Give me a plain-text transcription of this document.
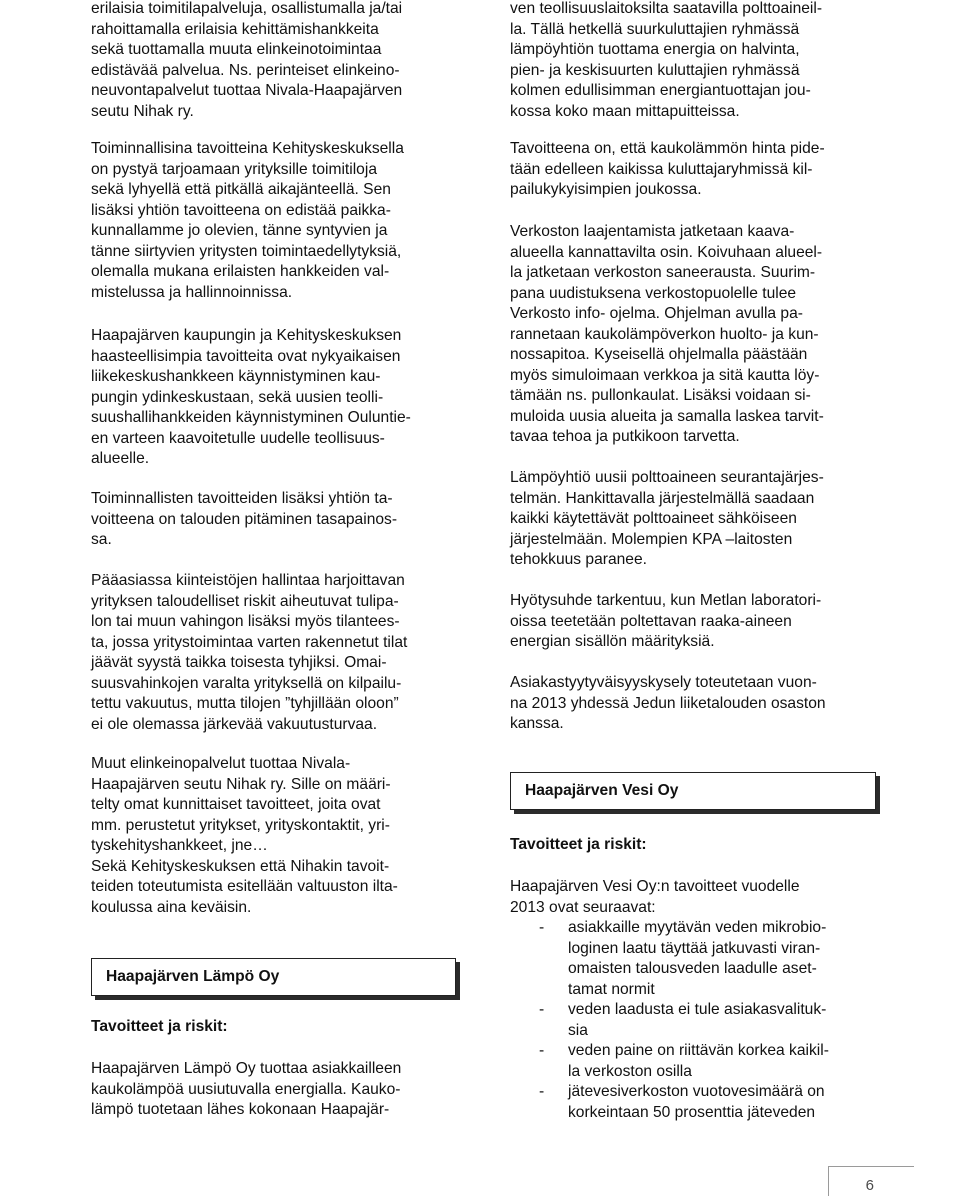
erilaisia toimitilapalveluja, osallistumalla ja/tai
rahoittamalla erilaisia kehittämishankkeita
sekä tuottamalla muuta elinkeinotoimintaa
edistävää palvelua. Ns. perinteiset elinkeino-
neuvontapalvelut tuottaa Nivala-Haapajärven
seutu Nihak ry.

Toiminnallisina tavoitteina Kehityskeskuksella
on pystyä tarjoamaan yrityksille toimitiloja
sekä lyhyellä että pitkällä aikajänteellä. Sen
lisäksi yhtiön tavoitteena on edistää paikka-
kunnallamme jo olevien, tänne syntyvien ja
tänne siirtyvien yritysten toimintaedellytyksiä,
olemalla mukana erilaisten hankkeiden val-
mistelussa ja hallinnoinnissa.

Haapajärven kaupungin ja Kehityskeskuksen
haasteellisimpia tavoitteita ovat nykyaikaisen
liikekeskushankkeen käynnistyminen kau-
pungin ydinkeskustaan, sekä uusien teolli-
suushallihankkeiden käynnistyminen Ouluntie-
en varteen kaavoitetulle uudelle teollisuus-
alueelle.

Toiminnallisten tavoitteiden lisäksi yhtiön ta-
voitteena on talouden pitäminen tasapainos-
sa.

Pääasiassa kiinteistöjen hallintaa harjoittavan
yrityksen taloudelliset riskit aiheutuvat tulipa-
lon tai muun vahingon lisäksi myös tilantees-
ta, jossa yritystoimintaa varten rakennetut tilat
jäävät syystä taikka toisesta tyhjiksi. Omai-
suusvahinkojen varalta yrityksellä on kilpailu-
tettu vakuutus, mutta tilojen ”tyhjillään oloon”
ei ole olemassa järkevää vakuutusturvaa.

Muut elinkeinopalvelut tuottaa Nivala-
Haapajärven seutu Nihak ry. Sille on määri-
telty omat kunnittaiset tavoitteet, joita ovat
mm. perustetut yritykset, yrityskontaktit, yri-
tyskehityshankkeet, jne…
Sekä Kehityskeskuksen että Nihakin tavoit-
teiden toteutumista esitellään valtuuston ilta-
koulussa aina keväisin.

Haapajärven Lämpö Oy

Tavoitteet ja riskit:

Haapajärven Lämpö Oy tuottaa asiakkailleen
kaukolämpöä uusiutuvalla energialla. Kauko-
lämpö tuotetaan lähes kokonaan Haapajär-

ven teollisuuslaitoksilta saatavilla polttoaineil-
la. Tällä hetkellä suurkuluttajien ryhmässä
lämpöyhtiön tuottama energia on halvinta,
pien- ja keskisuurten kuluttajien ryhmässä
kolmen edullisimman energiantuottajan jou-
kossa koko maan mittapuitteissa.

Tavoitteena on, että kaukolämmön hinta pide-
tään edelleen kaikissa kuluttajaryhmissä kil-
pailukykyisimpien joukossa.

Verkoston laajentamista jatketaan kaava-
alueella kannattavilta osin. Koivuhaan alueel-
la jatketaan verkoston saneerausta. Suurim-
pana uudistuksena verkostopuolelle tulee
Verkosto info- ojelma. Ohjelman avulla pa-
rannetaan kaukolämpöverkon huolto- ja kun-
nossapitoa. Kyseisellä ohjelmalla päästään
myös simuloimaan verkkoa ja sitä kautta löy-
tämään ns. pullonkaulat. Lisäksi voidaan si-
muloida uusia alueita ja samalla laskea tarvit-
tavaa tehoa ja putkikoon tarvetta.

Lämpöyhtiö uusii polttoaineen seurantajärjes-
telmän. Hankittavalla järjestelmällä saadaan
kaikki käytettävät polttoaineet sähköiseen
järjestelmään. Molempien KPA –laitosten
tehokkuus paranee.

Hyötysuhde tarkentuu, kun Metlan laboratori-
oissa teetetään poltettavan raaka-aineen
energian sisällön määrityksiä.

Asiakastyytyväisyyskysely toteutetaan vuon-
na 2013 yhdessä Jedun liiketalouden osaston
kanssa.

Haapajärven Vesi Oy

Tavoitteet ja riskit:

Haapajärven Vesi Oy:n tavoitteet vuodelle
2013 ovat seuraavat:

- asiakkaille myytävän veden mikrobio-
loginen laatu täyttää jatkuvasti viran-
omaisten talousveden laadulle aset-
tamat normit
- veden laadusta ei tule asiakasvalituk-
sia
- veden paine on riittävän korkea kaikil-
la verkoston osilla
- jätevesiverkoston vuotovesimäärä on
korkeintaan 50 prosenttia jäteveden
6
